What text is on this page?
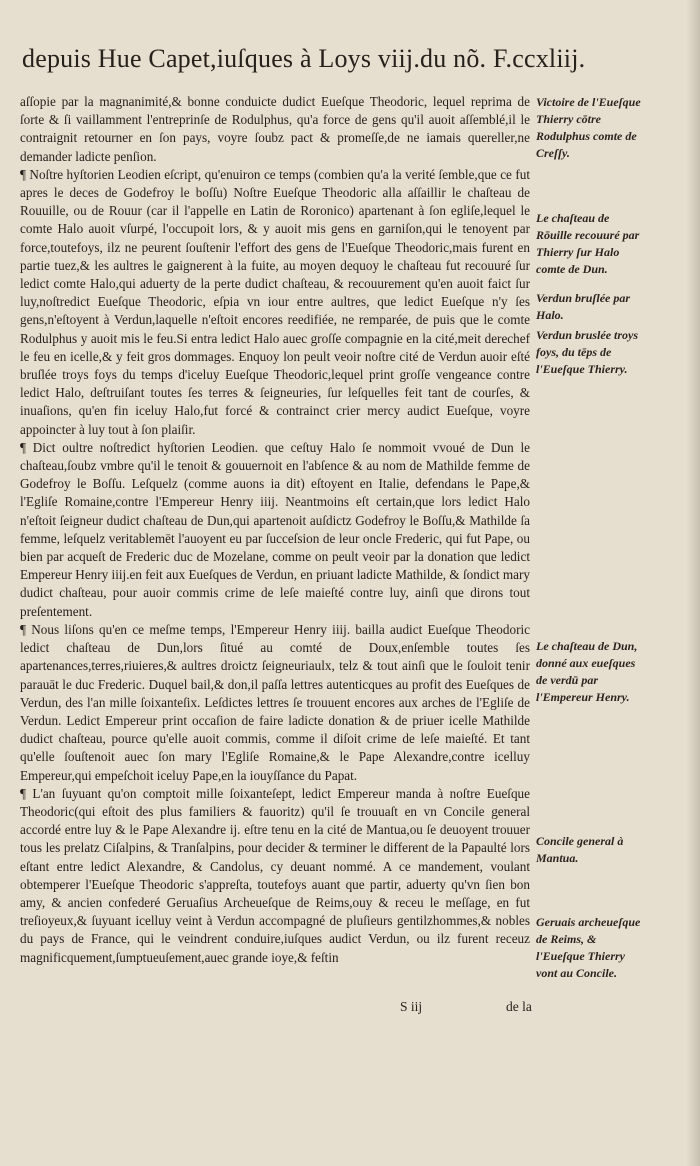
depuis Hue Capet,iuſques à Loys viij.du nõ. F.ccxliij.

aſſopie par la magnanimité,& bonne conduicte dudict Eueſque Theodoric, lequel reprima de ſorte & ſi vaillamment l'entreprinſe de Rodulphus, qu'a force de gens qu'il auoit aſſemblé,il le contraignit retourner en ſon pays, voyre ſoubz pact & promeſſe,de ne iamais quereller,ne demander ladicte penſion.

¶ Noſtre hyſtorien Leodien eſcript, qu'enuiron ce temps (combien qu'a la verité ſemble,que ce fut apres le deces de Godefroy le boſſu) Noſtre Eueſque Theodoric alla aſſaillir le chaſteau de Rouuille, ou de Rouur (car il l'appelle en Latin de Roronico) apartenant à ſon egliſe,lequel le comte Halo auoit vſurpé, l'occupoit lors, & y auoit mis gens en garniſon,qui le tenoyent par force,toutefoys, ilz ne peurent ſouſtenir l'effort des gens de l'Eueſque Theodoric,mais furent en partie tuez,& les aultres le gaignerent à la fuite, au moyen dequoy le chaſteau fut recouuré ſur ledict comte Halo,qui aduerty de la perte dudict chaſteau, & recouurement qu'en auoit faict ſur luy,noſtredict Eueſque Theodoric, eſpia vn iour entre aultres, que ledict Eueſque n'y ſes gens,n'eſtoyent à Verdun,laquelle n'eſtoit encores reedifiée, ne remparée, de puis que le comte Rodulphus y auoit mis le feu.Si entra ledict Halo auec groſſe compagnie en la cité,meit derechef le feu en icelle,& y feit gros dommages. Enquoy lon peult veoir noſtre cité de Verdun auoir eſté bruſlée troys foys du temps d'iceluy Eueſque Theodoric,lequel print groſſe vengeance contre ledict Halo, deſtruiſant toutes ſes terres & ſeigneuries, ſur leſquelles feit tant de courſes, & inuaſions, qu'en fin iceluy Halo,fut forcé & contrainct crier mercy audict Eueſque, voyre appoincter à luy tout à ſon plaiſir.

¶ Dict oultre noſtredict hyſtorien Leodien. que ceſtuy Halo ſe nommoit vvoué de Dun le chaſteau,ſoubz vmbre qu'il le tenoit & gouuernoit en l'abſence & au nom de Mathilde femme de Godefroy le Boſſu. Leſquelz (comme auons ia dit) eſtoyent en Italie, defendans le Pape,& l'Egliſe Romaine,contre l'Empereur Henry iiij. Neantmoins eſt certain,que lors ledict Halo n'eſtoit ſeigneur dudict chaſteau de Dun,qui apartenoit auſdictz Godefroy le Boſſu,& Mathilde ſa femme, leſquelz veritablemēt l'auoyent eu par ſucceſsion de leur oncle Frederic, qui fut Pape, ou bien par acqueſt de Frederic duc de Mozelane, comme on peult veoir par la donation que ledict Empereur Henry iiij.en feit aux Eueſques de Verdun, en priuant ladicte Mathilde, & ſondict mary dudict chaſteau, pour auoir commis crime de leſe maieſté contre luy, ainſi que dirons tout preſentement.

¶ Nous liſons qu'en ce meſme temps, l'Empereur Henry iiij. bailla audict Eueſque Theodoric ledict chaſteau de Dun,lors ſitué au comté de Doux,enſemble toutes ſes apartenances,terres,riuieres,& aultres droictz ſeigneuriaulx, telz & tout ainſi que le ſouloit tenir parauāt le duc Frederic. Duquel bail,& don,il paſſa lettres autenticques au profit des Eueſques de Verdun, des l'an mille ſoixanteſix. Leſdictes lettres ſe trouuent encores aux arches de l'Egliſe de Verdun. Ledict Empereur print occaſion de faire ladicte donation & de priuer icelle Mathilde dudict chaſteau, pource qu'elle auoit commis, comme il diſoit crime de leſe maieſté. Et tant qu'elle ſouſtenoit auec ſon mary l'Egliſe Romaine,& le Pape Alexandre,contre icelluy Empereur,qui empeſchoit iceluy Pape,en la iouyſſance du Papat.

¶ L'an ſuyuant qu'on comptoit mille ſoixanteſept, ledict Empereur manda à noſtre Eueſque Theodoric(qui eſtoit des plus familiers & fauoritz) qu'il ſe trouuaſt en vn Concile general accordé entre luy & le Pape Alexandre ij. eſtre tenu en la cité de Mantua,ou ſe deuoyent trouuer tous les prelatz Ciſalpins, & Tranſalpins, pour decider & terminer le different de la Papaulté lors eſtant entre ledict Alexandre, & Candolus, cy deuant nommé. A ce mandement, voulant obtemperer l'Eueſque Theodoric s'appreſta, toutefoys auant que partir, aduerty qu'vn ſien bon amy, & ancien confederé Geruaſius Archeueſque de Reims,ouy & receu le meſſage, en fut treſioyeux,& ſuyuant icelluy veint à Verdun accompagné de pluſieurs gentilzhommes,& nobles du pays de France, qui le veindrent conduire,iuſques audict Verdun, ou ilz furent receuz magnificquement,ſumptueuſement,auec grande ioye,& feſtin

Victoire de l'Eueſque Thierry cōtre Rodulphus comte de Creſſy.
Le chaſteau de Rōuille recouuré par Thierry ſur Halo comte de Dun.
Verdun bruſlée par Halo.
Verdun bruslée troys foys, du tēps de l'Eueſque Thierry.
Le chaſteau de Dun, donné aux eueſques de verdū par l'Empereur Henry.
Concile general à Mantua.
Geruais archeueſque de Reims, & l'Eueſque Thierry vont au Concile.
S iij	de la
